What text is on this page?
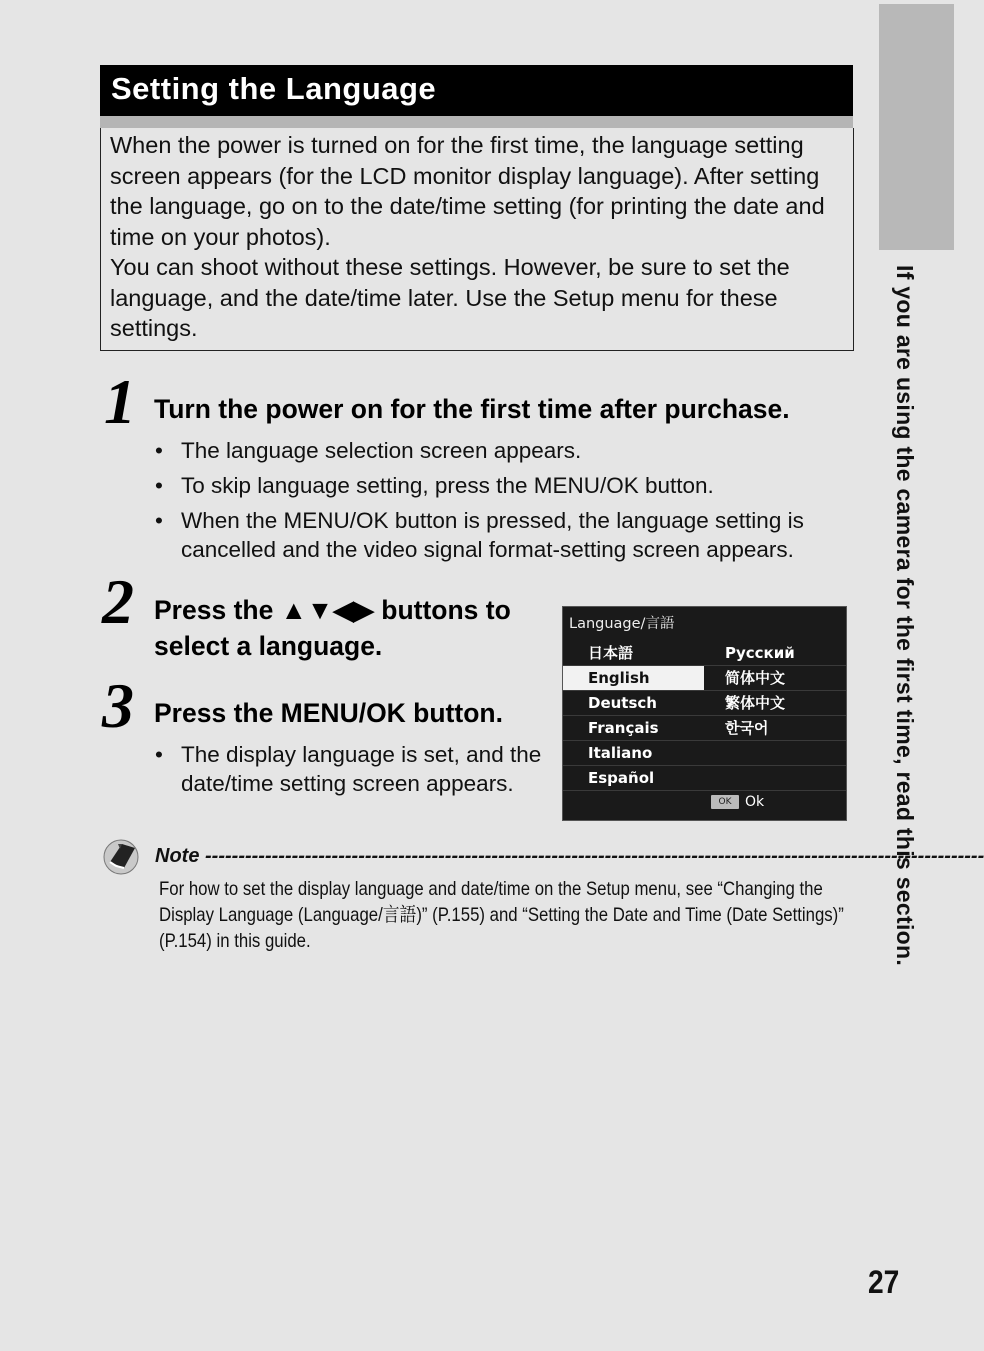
If you are using the camera for the first time, read this section.
Setting the Language

When the power is turned on for the first time, the language setting screen appears (for the LCD monitor display language). After setting the language, go on to the date/time setting (for printing the date and time on your photos).

You can shoot without these settings. However, be sure to set the language, and the date/time later. Use the Setup menu for these settings.

1 Turn the power on for the first time after purchase.
• The language selection screen appears.
• To skip language setting, press the MENU/OK button.
• When the MENU/OK button is pressed, the language setting is cancelled and the video signal format-setting screen appears.
2 Press the ▲▼◀▶ buttons to
select a language.
3 Press the MENU/OK button.
• The display language is set, and the date/time setting screen appears.
Language/言語
日本語	Русский
English	简体中文
Deutsch	繁体中文
Français	한국어
Italiano
Español
OK Ok
Note ---------------------------------------------------------------------------------------------------------------------
For how to set the display language and date/time on the Setup menu, see “Changing the Display Language (Language/言語)” (P.155) and “Setting the Date and Time (Date Settings)” (P.154) in this guide.
27
